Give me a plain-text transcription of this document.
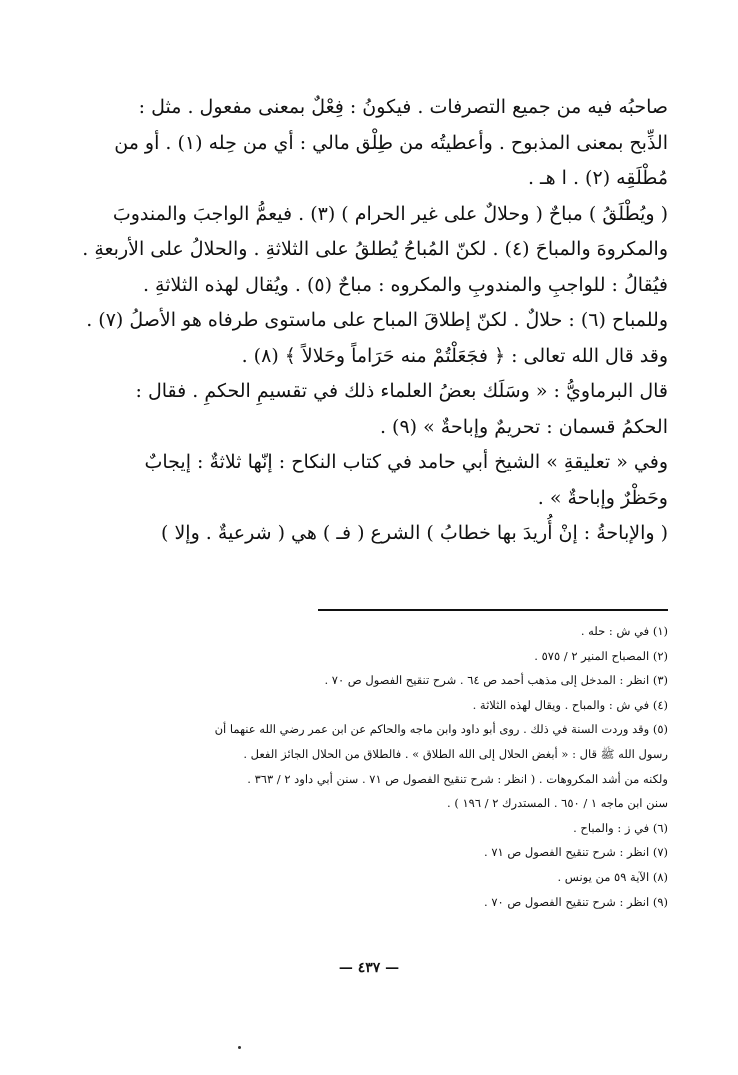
صاحبُه فيه من جميع التصرفات . فيكونُ : فِعْلٌ بمعنى مفعول . مثل :
الذِّبح بمعنى المذبوح . وأعطيتُه من طِلْق مالي : أي من حِله (١) . أو من
مُطْلَقِه (٢) . ا هـ .
( ويُطْلَقُ ) مباحٌ ( وحلالٌ على غير الحرام ) (٣) . فيعمُّ الواجبَ والمندوبَ
والمكروهَ والمباحَ (٤) . لكنّ المُباحُ يُطلقُ على الثلاثةِ . والحلالُ على الأربعةِ .
فيُقالُ : للواجبِ والمندوبِ والمكروه : مباحٌ (٥) . ويُقال لهذه الثلاثةِ .
وللمباح (٦) : حلالٌ . لكنّ إطلاقَ المباح على ماستوى طرفاه هو الأصلُ (٧) .
وقد قال الله تعالى : ﴿ فجَعَلْتُمْ منه حَرَاماً وحَلالاً ﴾ (٨) .
قال البرماويُّ : « وسَلَك بعضُ العلماء ذلك في تقسيمِ الحكمِ . فقال :
الحكمُ قسمان : تحريمٌ وإباحةٌ » (٩) .
وفي « تعليقةِ » الشيخ أبي حامد في كتاب النكاح : إنّها ثلاثةٌ : إيجابٌ
وحَظْرٌ وإباحةٌ » .
( والإباحةُ : إنْ أُريدَ بها خطابُ ) الشرع ( فـ ) هي ( شرعيةٌ . وإلا )
(١) في ش : حله .
(٢) المصباح المنير ٢ / ٥٧٥ .
(٣) انظر : المدخل إلى مذهب أحمد ص ٦٤ . شرح تنقيح الفصول ص ٧٠ .
(٤) في ش : والمباح . ويقال لهذه الثلاثة .
(٥) وقد وردت السنة في ذلك . روى أبو داود وابن ماجه والحاكم عن ابن عمر رضي الله عنهما أن
رسول الله ﷺ قال : « أبغض الحلال إلى الله الطلاق » . فالطلاق من الحلال الجائز الفعل .
ولكنه من أشد المكروهات . ( انظر : شرح تنقيح الفصول ص ٧١ . سنن أبي داود ٢ / ٣٦٣ .
سنن ابن ماجه ١ / ٦٥٠ . المستدرك ٢ / ١٩٦ ) .
(٦) في ز : والمباح .
(٧) انظر : شرح تنقيح الفصول ص ٧١ .
(٨) الآية ٥٩ من يونس .
(٩) انظر : شرح تنقيح الفصول ص ٧٠ .
— ٤٣٧ —
